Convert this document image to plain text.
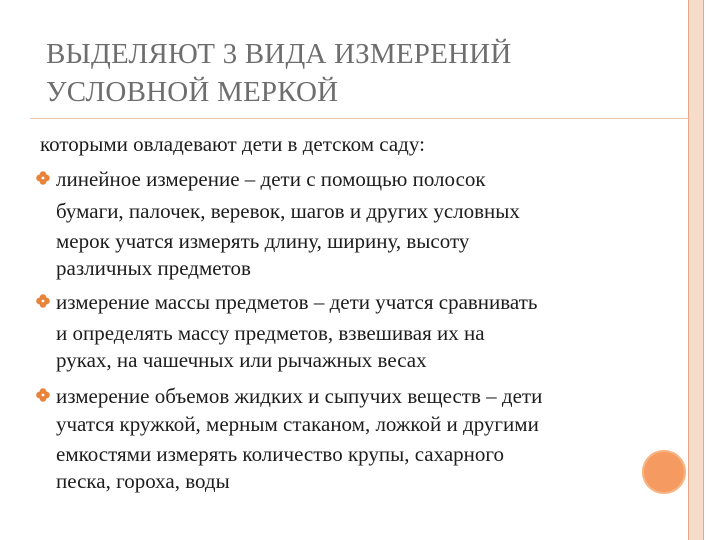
ВЫДЕЛЯЮТ 3 ВИДА ИЗМЕРЕНИЙ
УСЛОВНОЙ МЕРКОЙ
которыми овладевают дети в детском саду:
линейное измерение – дети с помощью полосок
бумаги, палочек, веревок, шагов и других условных
мерок учатся измерять длину, ширину, высоту
различных предметов
измерение массы предметов – дети учатся сравнивать
и определять массу предметов, взвешивая их на
руках, на чашечных или рычажных весах
измерение объемов жидких и сыпучих веществ – дети
учатся кружкой, мерным стаканом, ложкой и другими
емкостями измерять количество крупы, сахарного
песка, гороха, воды
